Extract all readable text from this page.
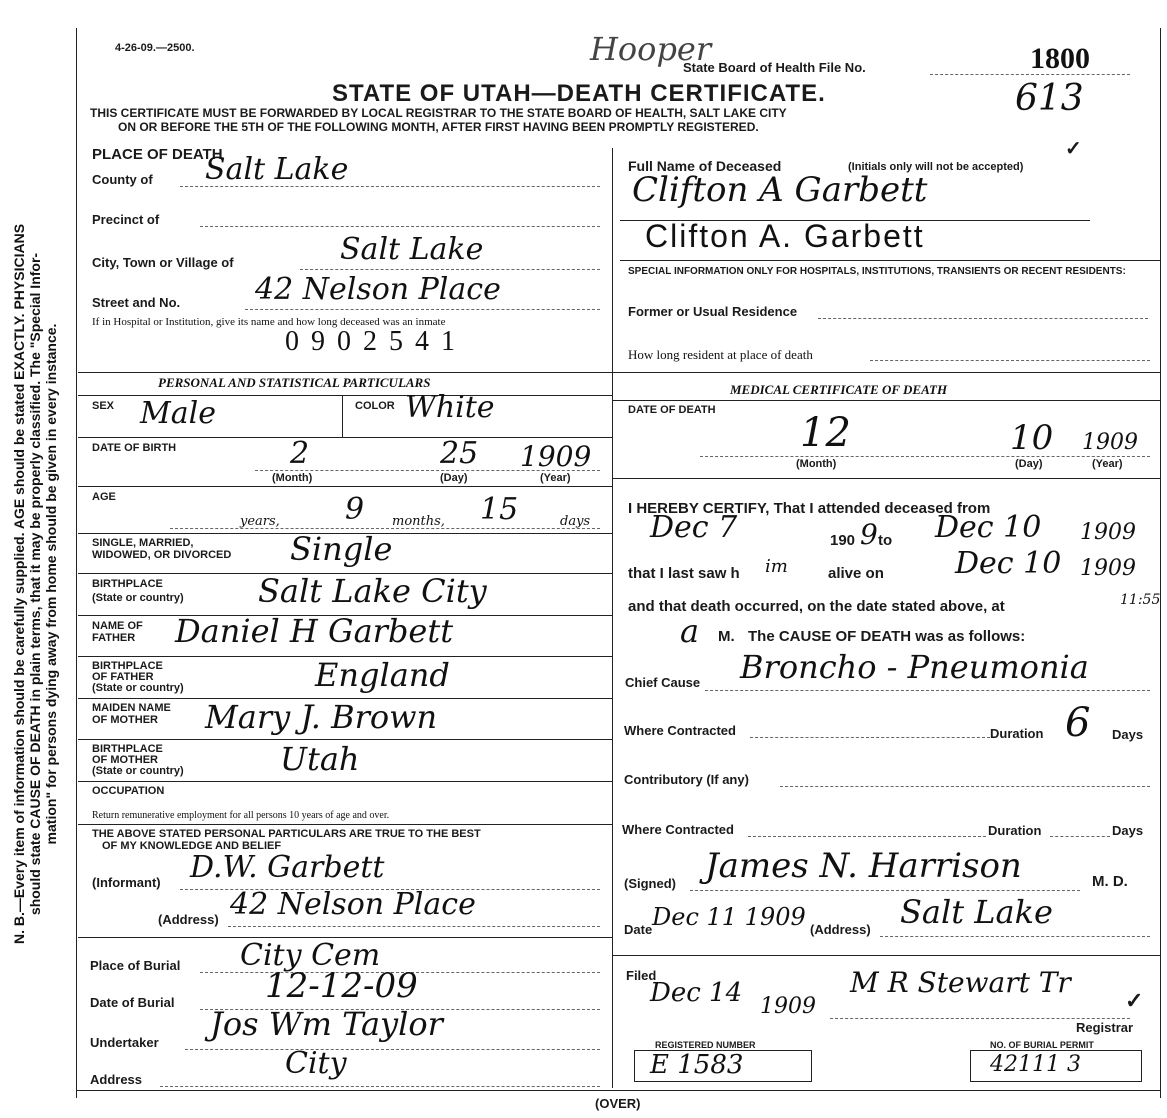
N. B.—Every item of information should be carefully supplied. AGE should be stated EXACTLY. PHYSICIANS should state CAUSE OF DEATH in plain terms, that it may be properly classified. The "Special Infor- mation" for persons dying away from home should be given in every instance.
4-26-09.—2500.	Hooper
State Board of Health File No.	1800
613
STATE OF UTAH—DEATH CERTIFICATE.
THIS CERTIFICATE MUST BE FORWARDED BY LOCAL REGISTRAR TO THE STATE BOARD OF HEALTH, SALT LAKE CITY
ON OR BEFORE THE 5TH OF THE FOLLOWING MONTH, AFTER FIRST HAVING BEEN PROMPTLY REGISTERED.
PLACE OF DEATH
County of Salt Lake
Precinct of
City, Town or Village of	Salt Lake
Street and No. 42 Nelson Place
If in Hospital or Institution, give its name and how long deceased was an inmate
0902541
Full Name of Deceased	(Initials only will not be accepted)
✓
Clifton A Garbett
Clifton A. Garbett
SPECIAL INFORMATION ONLY FOR HOSPITALS, INSTITUTIONS, TRANSIENTS OR RECENT RESIDENTS:
Former or Usual Residence
How long resident at place of death
PERSONAL AND STATISTICAL PARTICULARS
SEX Male	COLOR White
DATE OF BIRTH	2	25 1909
(Month)	(Day)	(Year)
AGE
years, 9 months, 15	days
SINGLE, MARRIED,
WIDOWED, OR DIVORCED Single
BIRTHPLACE
(State or country) Salt Lake City
NAME OF
FATHER Daniel H Garbett
BIRTHPLACE
OF FATHER
(State or country)	England
MAIDEN NAME
OF MOTHER Mary J. Brown
BIRTHPLACE
OF MOTHER
(State or country)	Utah
OCCUPATION
Return remunerative employment for all persons 10 years of age and over.
THE ABOVE STATED PERSONAL PARTICULARS ARE TRUE TO THE BEST
OF MY KNOWLEDGE AND BELIEF
(Informant) D.W. Garbett
(Address) 42 Nelson Place
Place of Burial City Cem
Date of Burial	12-12-09
Undertaker Jos Wm Taylor
Address	City
MEDICAL CERTIFICATE OF DEATH
DATE OF DEATH 12	10 1909
(Month)	(Day)	(Year)
I HEREBY CERTIFY, That I attended deceased from
Dec 7	190 9 to Dec 10 1909
that I last saw h im	alive on Dec 10 1909
and that death occurred, on the date stated above, at	11:55
a M. The CAUSE OF DEATH was as follows:
Chief Cause Broncho - Pneumonia
Where Contracted	Duration 6 Days
Contributory (If any)
Where Contracted	Duration	Days
(Signed) James N. Harrison	M. D.
Date Dec 11 1909 (Address) Salt Lake
Filed
Dec 14 1909
M R Stewart Tr
✓
Registrar
REGISTERED NUMBER
E 1583
NO. OF BURIAL PERMIT
42111 3
(OVER)
